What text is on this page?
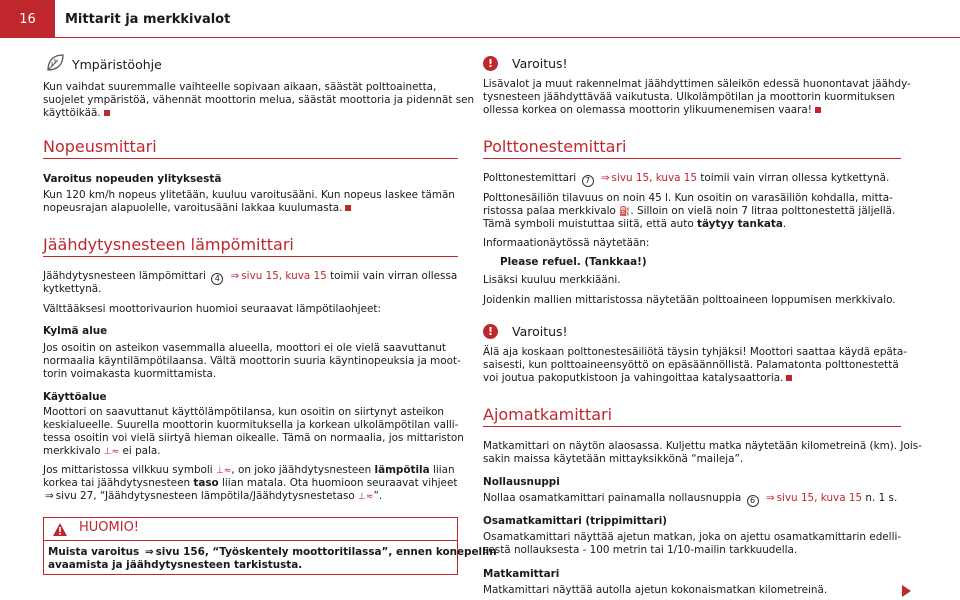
16	Mittarit ja merkkivalot
Ympäristöohje
Kun vaihdat suuremmalle vaihteelle sopivaan aikaan, säästät polttoainetta,
suojelet ympäristöä, vähennät moottorin melua, säästät moottoria ja pidennät sen
käyttöikää.
Nopeusmittari
Varoitus nopeuden ylityksestä
Kun 120 km/h nopeus ylitetään, kuuluu varoitusääni. Kun nopeus laskee tämän
nopeusrajan alapuolelle, varoitusääni lakkaa kuulumasta.
Jäähdytysnesteen lämpömittari
Jäähdytysnesteen lämpömittari 4 ⇒ sivu 15, kuva 15 toimii vain virran ollessa
kytkettynä.
Välttääksesi moottorivaurion huomioi seuraavat lämpötilaohjeet:
Kylmä alue
Jos osoitin on asteikon vasemmalla alueella, moottori ei ole vielä saavuttanut
normaalia käyntilämpötilaansa. Vältä moottorin suuria käyntinopeuksia ja moot-
torin voimakasta kuormittamista.
Käyttöalue
Moottori on saavuttanut käyttölämpötilansa, kun osoitin on siirtynyt asteikon
keskialueelle. Suurella moottorin kuormituksella ja korkean ulkolämpötilan valli-
tessa osoitin voi vielä siirtyä hieman oikealle. Tämä on normaalia, jos mittariston
merkkivalo ⊥≈ ei pala.
Jos mittaristossa vilkkuu symboli ⊥≈, on joko jäähdytysnesteen lämpötila liian
korkea tai jäähdytysnesteen taso liian matala. Ota huomioon seuraavat vihjeet
⇒ sivu 27, “Jäähdytysnesteen lämpötila/Jäähdytysnestetaso ⊥≈”.
HUOMIO!
Muista varoitus ⇒ sivu 156, “Työskentely moottoritilassa”, ennen konepellin
avaamista ja jäähdytysnesteen tarkistusta.
!	Varoitus!
Lisävalot ja muut rakennelmat jäähdyttimen säleikön edessä huonontavat jäähdy-
tysnesteen jäähdyttävää vaikutusta. Ulkolämpötilan ja moottorin kuormituksen
ollessa korkea on olemassa moottorin ylikuumenemisen vaara!
Polttonestemittari
Polttonestemittari 7 ⇒ sivu 15, kuva 15 toimii vain virran ollessa kytkettynä.
Polttonesäiliön tilavuus on noin 45 l. Kun osoitin on varasäiliön kohdalla, mitta-
ristossa palaa merkkivalo ⛽. Silloin on vielä noin 7 litraa polttonestettä jäljellä.
Tämä symboli muistuttaa siitä, että auto täytyy tankata.
Informaationäytössä näytetään:
Please refuel. (Tankkaa!)
Lisäksi kuuluu merkkiääni.
Joidenkin mallien mittaristossa näytetään polttoaineen loppumisen merkkivalo.
!	Varoitus!
Älä aja koskaan polttonestesäiliötä täysin tyhjäksi! Moottori saattaa käydä epäta-
saisesti, kun polttoaineensyöttö on epäsäännöllistä. Palamatonta polttonestettä
voi joutua pakoputkistoon ja vahingoittaa katalysaattoria.
Ajomatkamittari
Matkamittari on näytön alaosassa. Kuljettu matka näytetään kilometreinä (km). Jois-
sakin maissa käytetään mittayksikkönä “maileja”.
Nollausnuppi
Nollaa osamatkamittari painamalla nollausnuppia 6 ⇒ sivu 15, kuva 15 n. 1 s.
Osamatkamittari (trippimittari)
Osamatkamittari näyttää ajetun matkan, joka on ajettu osamatkamittarin edelli-
sestä nollauksesta - 100 metrin tai 1/10-mailin tarkkuudella.
Matkamittari
Matkamittari näyttää autolla ajetun kokonaismatkan kilometreinä.
